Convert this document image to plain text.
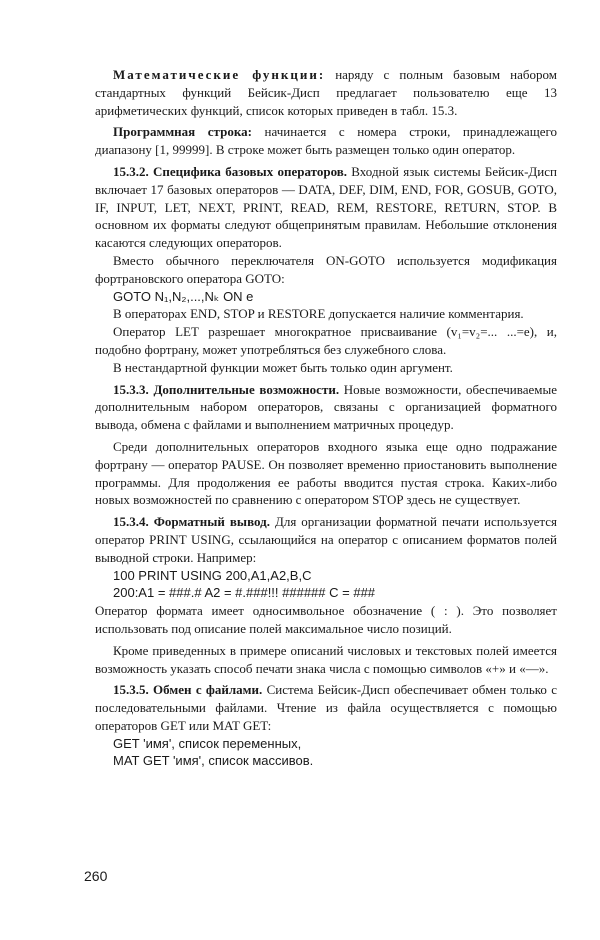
Математические функции: наряду с полным базовым набором стандартных функций Бейсик-Дисп предлагает пользователю еще 13 арифметических функций, список которых приведен в табл. 15.3.

Программная строка: начинается с номера строки, принадлежащего диапазону [1, 99999]. В строке может быть размещен только один оператор.

15.3.2. Специфика базовых операторов. Входной язык системы Бейсик-Дисп включает 17 базовых операторов — DATA, DEF, DIM, END, FOR, GOSUB, GOTO, IF, INPUT, LET, NEXT, PRINT, READ, REM, RESTORE, RETURN, STOP. В основном их форматы следуют общепринятым правилам. Небольшие отклонения касаются следующих операторов.

Вместо обычного переключателя ON-GOTO используется модификация фортрановского оператора GOTO:

GOTO N₁,N₂,...,Nₖ ON e

В операторах END, STOP и RESTORE допускается наличие комментария.

Оператор LET разрешает многократное присваивание (v₁=v₂=... ...=e), и, подобно фортрану, может употребляться без служебного слова.

В нестандартной функции может быть только один аргумент.

15.3.3. Дополнительные возможности. Новые возможности, обеспечиваемые дополнительным набором операторов, связаны с организацией форматного вывода, обмена с файлами и выполнением матричных процедур.

Среди дополнительных операторов входного языка еще одно подражание фортрану — оператор PAUSE. Он позволяет временно приостановить выполнение программы. Для продолжения ее работы вводится пустая строка. Каких-либо новых возможностей по сравнению с оператором STOP здесь не существует.

15.3.4. Форматный вывод. Для организации форматной печати используется оператор PRINT USING, ссылающийся на оператор с описанием форматов полей выводной строки. Например:

100 PRINT USING 200,A1,A2,B,C

200:A1 = ###.# A2 = #.###!!! ###### C = ###

Оператор формата имеет односимвольное обозначение ( : ). Это позволяет использовать под описание полей максимальное число позиций.

Кроме приведенных в примере описаний числовых и текстовых полей имеется возможность указать способ печати знака числа с помощью символов «+» и «—».

15.3.5. Обмен с файлами. Система Бейсик-Дисп обеспечивает обмен только с последовательными файлами. Чтение из файла осуществляется с помощью операторов GET или MAT GET:

GET 'имя', список переменных,

MAT GET 'имя', список массивов.

260
